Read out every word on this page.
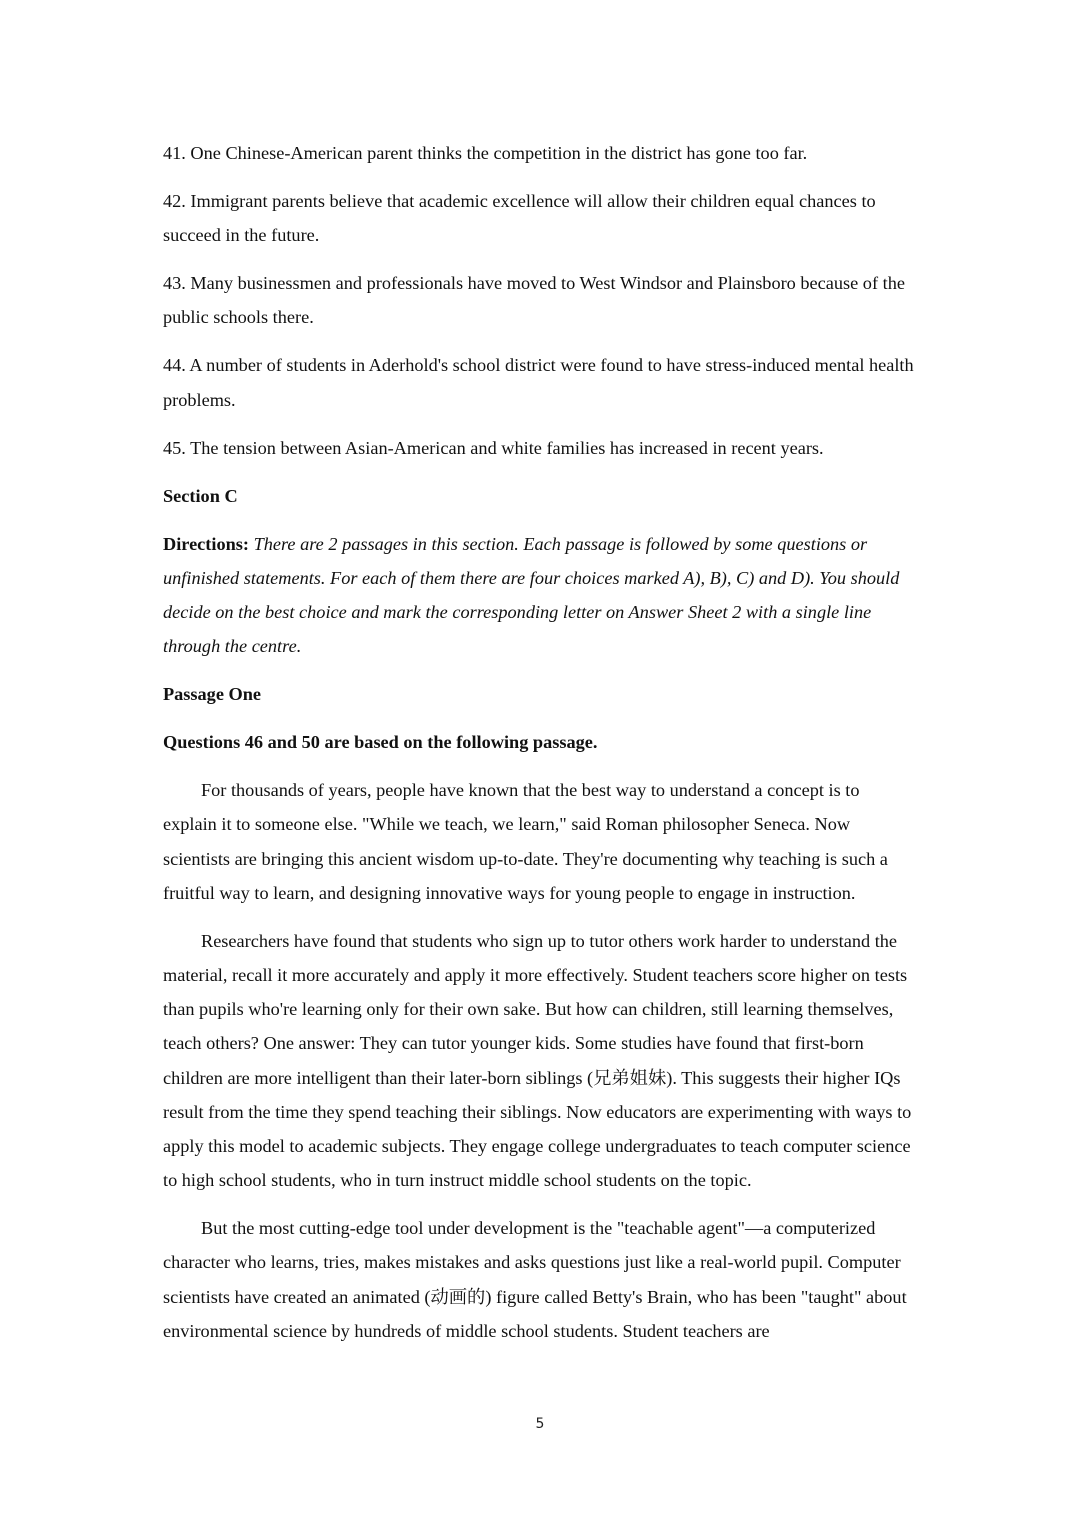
41. One Chinese-American parent thinks the competition in the district has gone too far.

42. Immigrant parents believe that academic excellence will allow their children equal chances to succeed in the future.

43. Many businessmen and professionals have moved to West Windsor and Plainsboro because of the public schools there.

44. A number of students in Aderhold's school district were found to have stress-induced mental health problems.

45. The tension between Asian-American and white families has increased in recent years.

Section C

Directions: There are 2 passages in this section. Each passage is followed by some questions or unfinished statements. For each of them there are four choices marked A), B), C) and D). You should decide on the best choice and mark the corresponding letter on Answer Sheet 2 with a single line through the centre.

Passage One

Questions 46 and 50 are based on the following passage.

For thousands of years, people have known that the best way to understand a concept is to explain it to someone else. "While we teach, we learn," said Roman philosopher Seneca. Now scientists are bringing this ancient wisdom up-to-date. They're documenting why teaching is such a fruitful way to learn, and designing innovative ways for young people to engage in instruction.

Researchers have found that students who sign up to tutor others work harder to understand the material, recall it more accurately and apply it more effectively. Student teachers score higher on tests than pupils who're learning only for their own sake. But how can children, still learning themselves, teach others? One answer: They can tutor younger kids. Some studies have found that first-born children are more intelligent than their later-born siblings (兄弟姐妹). This suggests their higher IQs result from the time they spend teaching their siblings. Now educators are experimenting with ways to apply this model to academic subjects. They engage college undergraduates to teach computer science to high school students, who in turn instruct middle school students on the topic.

But the most cutting-edge tool under development is the "teachable agent"—a computerized character who learns, tries, makes mistakes and asks questions just like a real-world pupil. Computer scientists have created an animated (动画的) figure called Betty's Brain, who has been "taught" about environmental science by hundreds of middle school students. Student teachers are

5
